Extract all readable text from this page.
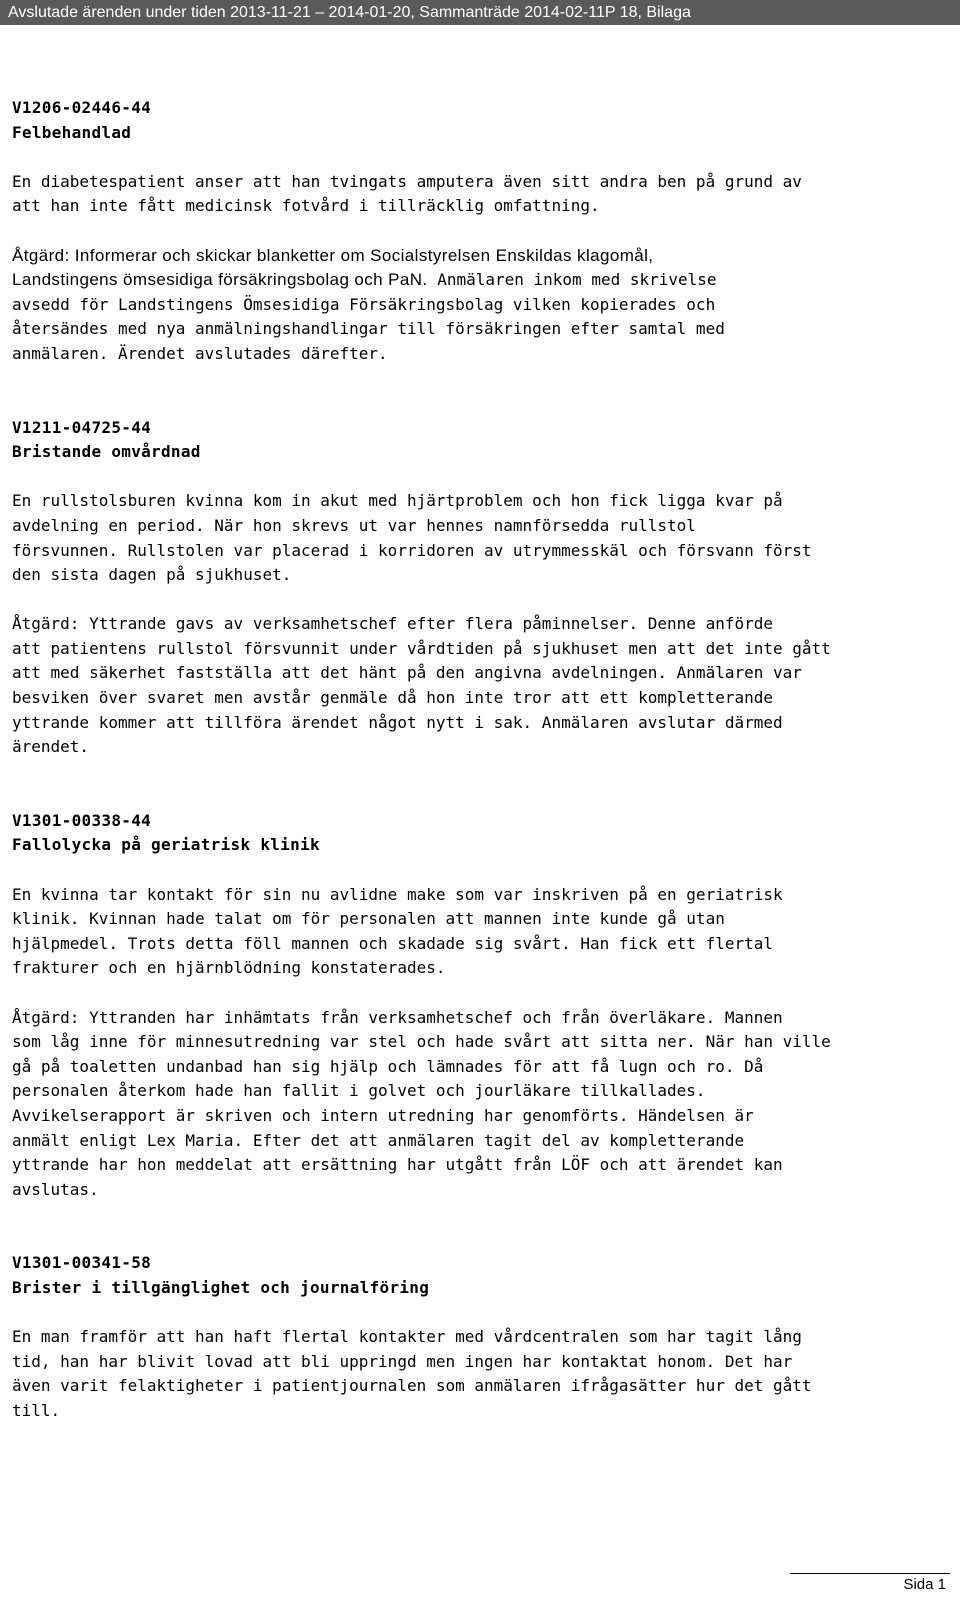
Avslutade ärenden under tiden 2013-11-21 – 2014-01-20, Sammanträde 2014-02-11P 18, Bilaga
V1206-02446-44
Felbehandlad

En diabetespatient anser att han tvingats amputera även sitt andra ben på grund av
att han inte fått medicinsk fotvård i tillräcklig omfattning.

Åtgärd: Informerar och skickar blanketter om Socialstyrelsen Enskildas klagomål,
Landstingens ömsesidiga försäkringsbolag och PaN. Anmälaren inkom med skrivelse
avsedd för Landstingens Ömsesidiga Försäkringsbolag vilken kopierades och
återsändes med nya anmälningshandlingar till försäkringen efter samtal med
anmälaren. Ärendet avslutades därefter.

V1211-04725-44
Bristande omvårdnad

En rullstolsburen kvinna kom in akut med hjärtproblem och hon fick ligga kvar på
avdelning en period. När hon skrevs ut var hennes namnförsedda rullstol
försvunnen. Rullstolen var placerad i korridoren av utrymmesskäl och försvann först
den sista dagen på sjukhuset.

Åtgärd: Yttrande gavs av verksamhetschef efter flera påminnelser. Denne anförde
att patientens rullstol försvunnit under vårdtiden på sjukhuset men att det inte gått
att med säkerhet fastställa att det hänt på den angivna avdelningen. Anmälaren var
besviken över svaret men avstår genmäle då hon inte tror att ett kompletterande
yttrande kommer att tillföra ärendet något nytt i sak. Anmälaren avslutar därmed
ärendet.

V1301-00338-44
Fallolycka på geriatrisk klinik

En kvinna tar kontakt för sin nu avlidne make som var inskriven på en geriatrisk
klinik. Kvinnan hade talat om för personalen att mannen inte kunde gå utan
hjälpmedel. Trots detta föll mannen och skadade sig svårt. Han fick ett flertal
frakturer och en hjärnblödning konstaterades.

Åtgärd: Yttranden har inhämtats från verksamhetschef och från överläkare. Mannen
som låg inne för minnesutredning var stel och hade svårt att sitta ner. När han ville
gå på toaletten undanbad han sig hjälp och lämnades för att få lugn och ro. Då
personalen återkom hade han fallit i golvet och jourläkare tillkallades.
Avvikelserapport är skriven och intern utredning har genomförts. Händelsen är
anmält enligt Lex Maria. Efter det att anmälaren tagit del av kompletterande
yttrande har hon meddelat att ersättning har utgått från LÖF och att ärendet kan
avslutas.

V1301-00341-58
Brister i tillgänglighet och journalföring

En man framför att han haft flertal kontakter med vårdcentralen som har tagit lång
tid, han har blivit lovad att bli uppringd men ingen har kontaktat honom. Det har
även varit felaktigheter i patientjournalen som anmälaren ifrågasätter hur det gått
till.

Sida 1
